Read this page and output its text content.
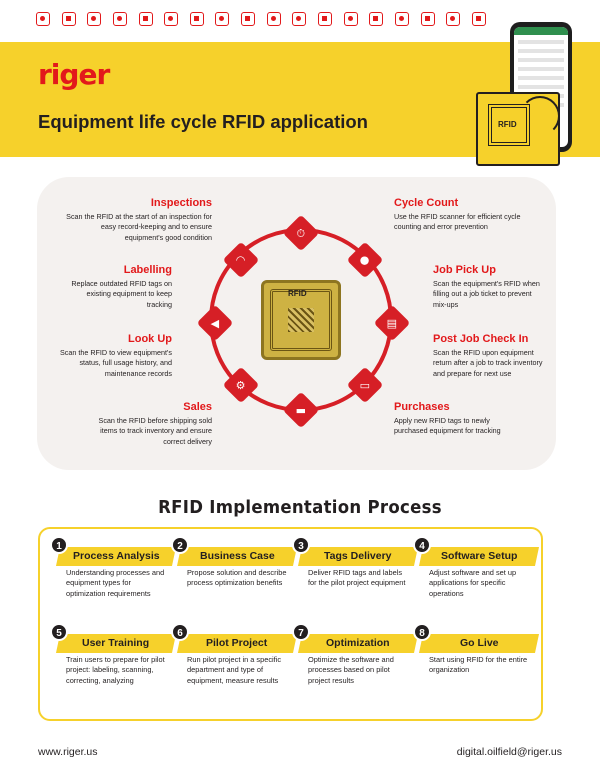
riger
Equipment life cycle RFID application	RFID
⏱
●
▤
▭
▬
⚙
◀
◠
RFID
Inspections

Scan the RFID at the start of an inspection for easy record-keeping and to ensure equipment's good condition

Labelling

Replace outdated RFID tags on existing equipment to keep tracking

Look Up

Scan the RFID to view equipment's status, full usage history, and maintenance records

Sales

Scan the RFID before shipping sold items to track inventory and ensure correct delivery

Cycle Count

Use the RFID scanner for efficient cycle counting and error prevention

Job Pick Up

Scan the equipment's RFID when filling out a job ticket to prevent mix-ups

Post Job Check In

Scan the RFID upon equipment return after a job to track inventory and prepare for next use

Purchases

Apply new RFID tags to newly purchased equipment for tracking

RFID Implementation Process
1
Process Analysis
Understanding processes and equipment types for optimization requirements
2
Business Case
Propose solution and describe process optimization benefits
3
Tags Delivery
Deliver RFID tags and labels for the pilot project equipment
4
Software Setup
Adjust software and set up applications for specific operations
5
User Training
Train users to prepare for pilot project: labeling, scanning, correcting, analyzing
6
Pilot Project
Run pilot project in a specific department and type of equipment, measure results
7
Optimization
Optimize the software and processes based on pilot project results
8
Go Live
Start using RFID for the entire organization
www.riger.us	digital.oilfield@riger.us
